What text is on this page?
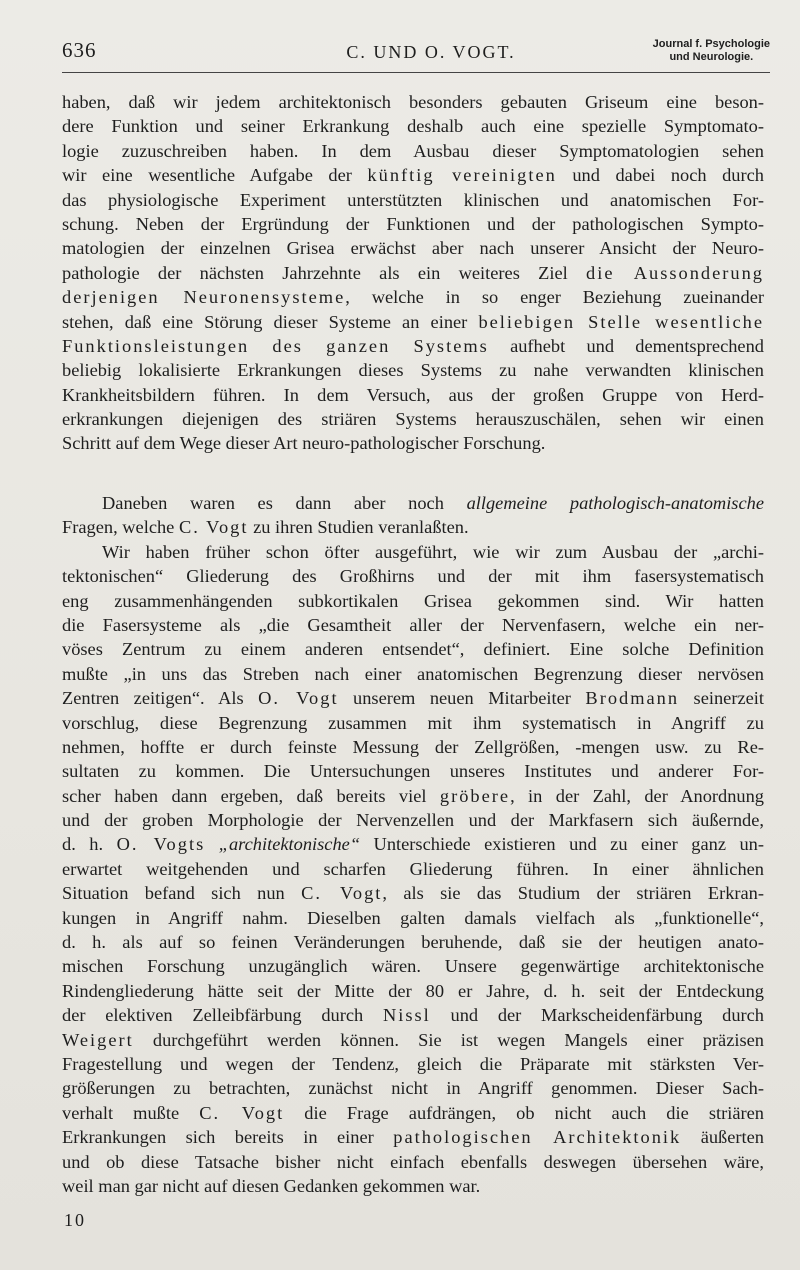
636	C. UND O. VOGT.	Journal f. Psychologie
und Neurologie.
haben, daß wir jedem architektonisch besonders gebauten Griseum eine beson-
dere Funktion und seiner Erkrankung deshalb auch eine spezielle Symptomato-
logie zuzuschreiben haben. In dem Ausbau dieser Symptomatologien sehen
wir eine wesentliche Aufgabe der künftig vereinigten und dabei noch durch
das physiologische Experiment unterstützten klinischen und anatomischen For-
schung. Neben der Ergründung der Funktionen und der pathologischen Sympto-
matologien der einzelnen Grisea erwächst aber nach unserer Ansicht der Neuro-
pathologie der nächsten Jahrzehnte als ein weiteres Ziel die Aussonderung
derjenigen Neuronensysteme, welche in so enger Beziehung zueinander
stehen, daß eine Störung dieser Systeme an einer beliebigen Stelle wesentliche
Funktionsleistungen des ganzen Systems aufhebt und dementsprechend
beliebig lokalisierte Erkrankungen dieses Systems zu nahe verwandten klinischen
Krankheitsbildern führen. In dem Versuch, aus der großen Gruppe von Herd-
erkrankungen diejenigen des striären Systems herauszuschälen, sehen wir einen
Schritt auf dem Wege dieser Art neuro-pathologischer Forschung.
Daneben waren es dann aber noch allgemeine pathologisch-anatomische
Fragen, welche C. Vogt zu ihren Studien veranlaßten.
Wir haben früher schon öfter ausgeführt, wie wir zum Ausbau der „archi-
tektonischen“ Gliederung des Großhirns und der mit ihm fasersystematisch
eng zusammenhängenden subkortikalen Grisea gekommen sind. Wir hatten
die Fasersysteme als „die Gesamtheit aller der Nervenfasern, welche ein ner-
vöses Zentrum zu einem anderen entsendet“, definiert. Eine solche Definition
mußte „in uns das Streben nach einer anatomischen Begrenzung dieser nervösen
Zentren zeitigen“. Als O. Vogt unserem neuen Mitarbeiter Brodmann seinerzeit
vorschlug, diese Begrenzung zusammen mit ihm systematisch in Angriff zu
nehmen, hoffte er durch feinste Messung der Zellgrößen, -mengen usw. zu Re-
sultaten zu kommen. Die Untersuchungen unseres Institutes und anderer For-
scher haben dann ergeben, daß bereits viel gröbere, in der Zahl, der Anordnung
und der groben Morphologie der Nervenzellen und der Markfasern sich äußernde,
d. h. O. Vogts „architektonische“ Unterschiede existieren und zu einer ganz un-
erwartet weitgehenden und scharfen Gliederung führen. In einer ähnlichen
Situation befand sich nun C. Vogt, als sie das Studium der striären Erkran-
kungen in Angriff nahm. Dieselben galten damals vielfach als „funktionelle“,
d. h. als auf so feinen Veränderungen beruhende, daß sie der heutigen anato-
mischen Forschung unzugänglich wären. Unsere gegenwärtige architektonische
Rindengliederung hätte seit der Mitte der 80 er Jahre, d. h. seit der Entdeckung
der elektiven Zelleibfärbung durch Nissl und der Markscheidenfärbung durch
Weigert durchgeführt werden können. Sie ist wegen Mangels einer präzisen
Fragestellung und wegen der Tendenz, gleich die Präparate mit stärksten Ver-
größerungen zu betrachten, zunächst nicht in Angriff genommen. Dieser Sach-
verhalt mußte C. Vogt die Frage aufdrängen, ob nicht auch die striären
Erkrankungen sich bereits in einer pathologischen Architektonik äußerten
und ob diese Tatsache bisher nicht einfach ebenfalls deswegen übersehen wäre,
weil man gar nicht auf diesen Gedanken gekommen war.
10
